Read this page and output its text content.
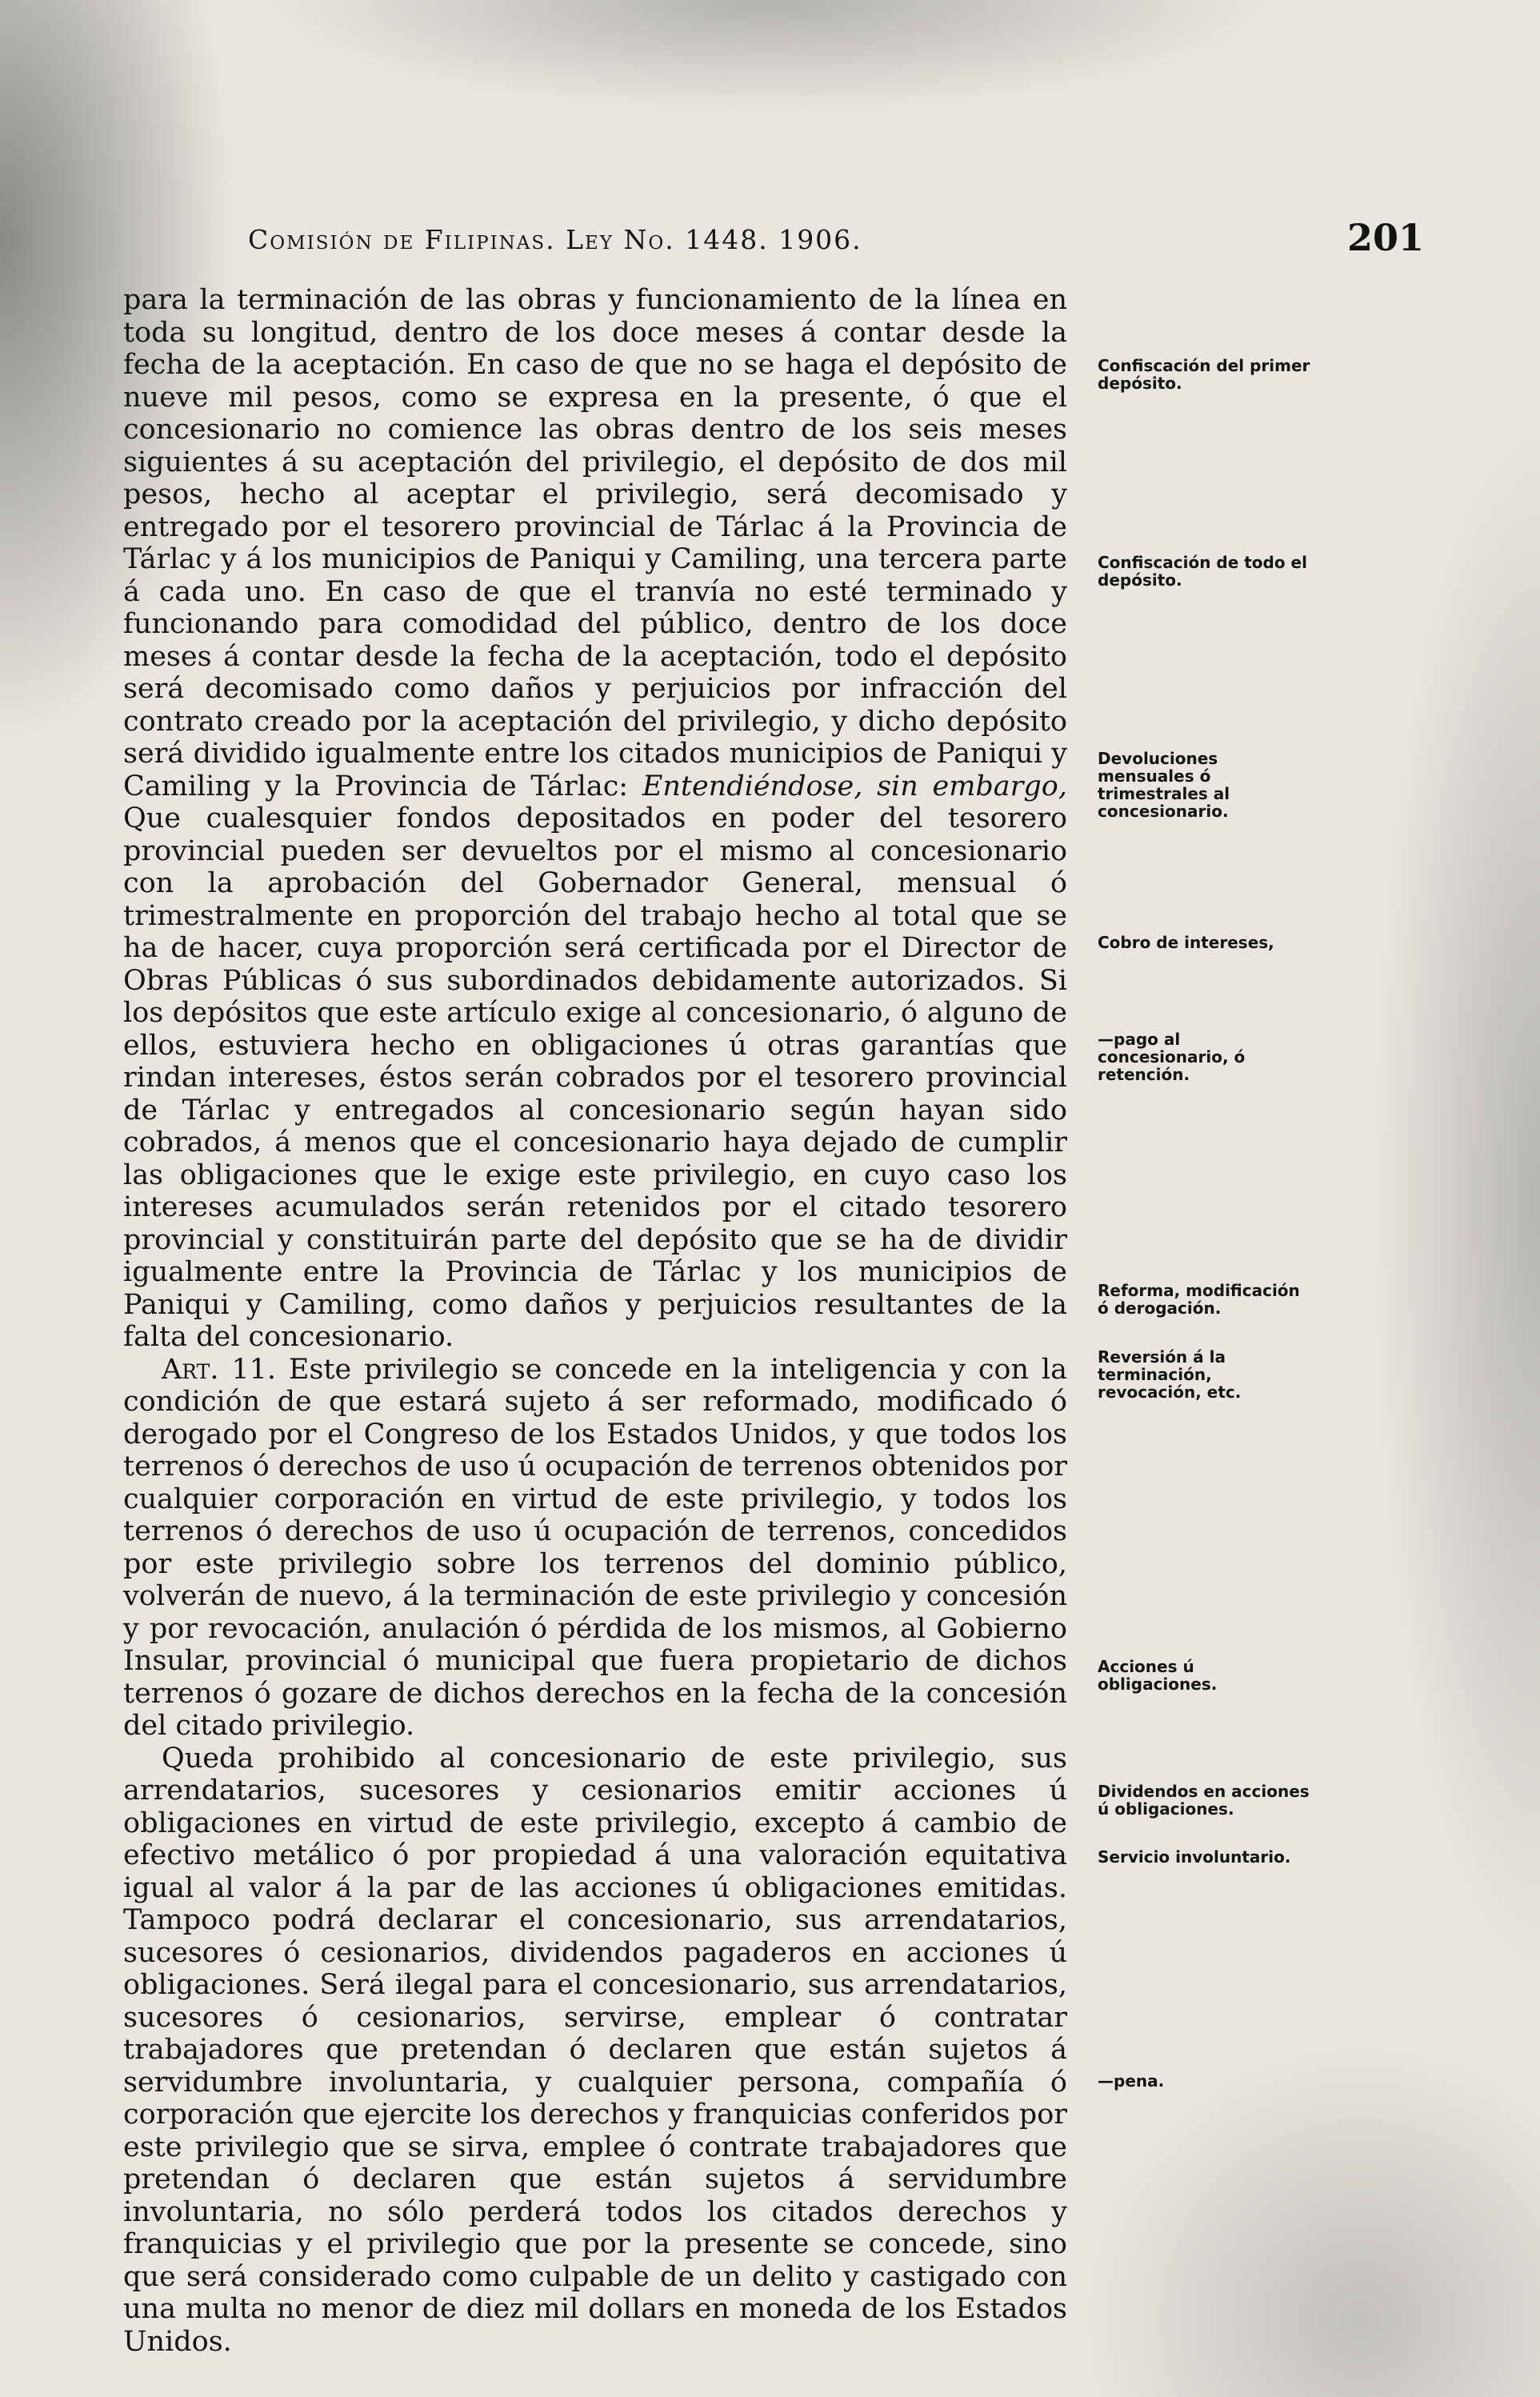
Comisión de Filipinas. Ley No. 1448. 1906.	201

para la terminación de las obras y funcionamiento de la línea en toda su longitud, dentro de los doce meses á contar desde la fecha de la aceptación. En caso de que no se haga el depósito de nueve mil pesos, como se expresa en la presente, ó que el concesionario no comience las obras dentro de los seis meses siguientes á su aceptación del privilegio, el depósito de dos mil pesos, hecho al aceptar el privilegio, será decomisado y entregado por el tesorero provincial de Tárlac á la Provincia de Tárlac y á los municipios de Paniqui y Camiling, una tercera parte á cada uno. En caso de que el tranvía no esté terminado y funcionando para comodidad del público, dentro de los doce meses á contar desde la fecha de la aceptación, todo el depósito será decomisado como daños y perjuicios por infracción del contrato creado por la aceptación del privilegio, y dicho depósito será dividido igualmente entre los citados municipios de Paniqui y Camiling y la Provincia de Tárlac: Entendiéndose, sin embargo, Que cualesquier fondos depositados en poder del tesorero provincial pueden ser devueltos por el mismo al concesionario con la aprobación del Gobernador General, mensual ó trimestralmente en proporción del trabajo hecho al total que se ha de hacer, cuya proporción será certificada por el Director de Obras Públicas ó sus subordinados debidamente autorizados. Si los depósitos que este artículo exige al concesionario, ó alguno de ellos, estuviera hecho en obligaciones ú otras garantías que rindan intereses, éstos serán cobrados por el tesorero provincial de Tárlac y entregados al concesionario según hayan sido cobrados, á menos que el concesionario haya dejado de cumplir las obligaciones que le exige este privilegio, en cuyo caso los intereses acumulados serán retenidos por el citado tesorero provincial y constituirán parte del depósito que se ha de dividir igualmente entre la Provincia de Tárlac y los municipios de Paniqui y Camiling, como daños y perjuicios resultantes de la falta del concesionario.

Art. 11. Este privilegio se concede en la inteligencia y con la condición de que estará sujeto á ser reformado, modificado ó derogado por el Congreso de los Estados Unidos, y que todos los terrenos ó derechos de uso ú ocupación de terrenos obtenidos por cualquier corporación en virtud de este privilegio, y todos los terrenos ó derechos de uso ú ocupación de terrenos, concedidos por este privilegio sobre los terrenos del dominio público, volverán de nuevo, á la terminación de este privilegio y concesión y por revocación, anulación ó pérdida de los mismos, al Gobierno Insular, provincial ó municipal que fuera propietario de dichos terrenos ó gozare de dichos derechos en la fecha de la concesión del citado privilegio.

Queda prohibido al concesionario de este privilegio, sus arrendatarios, sucesores y cesionarios emitir acciones ú obligaciones en virtud de este privilegio, excepto á cambio de efectivo metálico ó por propiedad á una valoración equitativa igual al valor á la par de las acciones ú obligaciones emitidas. Tampoco podrá declarar el concesionario, sus arrendatarios, sucesores ó cesionarios, dividendos pagaderos en acciones ú obligaciones. Será ilegal para el concesionario, sus arrendatarios, sucesores ó cesionarios, servirse, emplear ó contratar trabajadores que pretendan ó declaren que están sujetos á servidumbre involuntaria, y cualquier persona, compañía ó corporación que ejercite los derechos y franquicias conferidos por este privilegio que se sirva, emplee ó contrate trabajadores que pretendan ó declaren que están sujetos á servidumbre involuntaria, no sólo perderá todos los citados derechos y franquicias y el privilegio que por la presente se concede, sino que será considerado como culpable de un delito y castigado con una multa no menor de diez mil dollars en moneda de los Estados Unidos.

Confiscación del primer depósito.
Confiscación de todo el depósito.
Devoluciones mensuales ó trimestrales al concesionario.
Cobro de intereses,
—pago al concesionario, ó retención.
Reforma, modificación ó derogación.
Reversión á la terminación, revocación, etc.
Acciones ú obligaciones.
Dividendos en acciones ú obligaciones.
Servicio involuntario.
—pena.
